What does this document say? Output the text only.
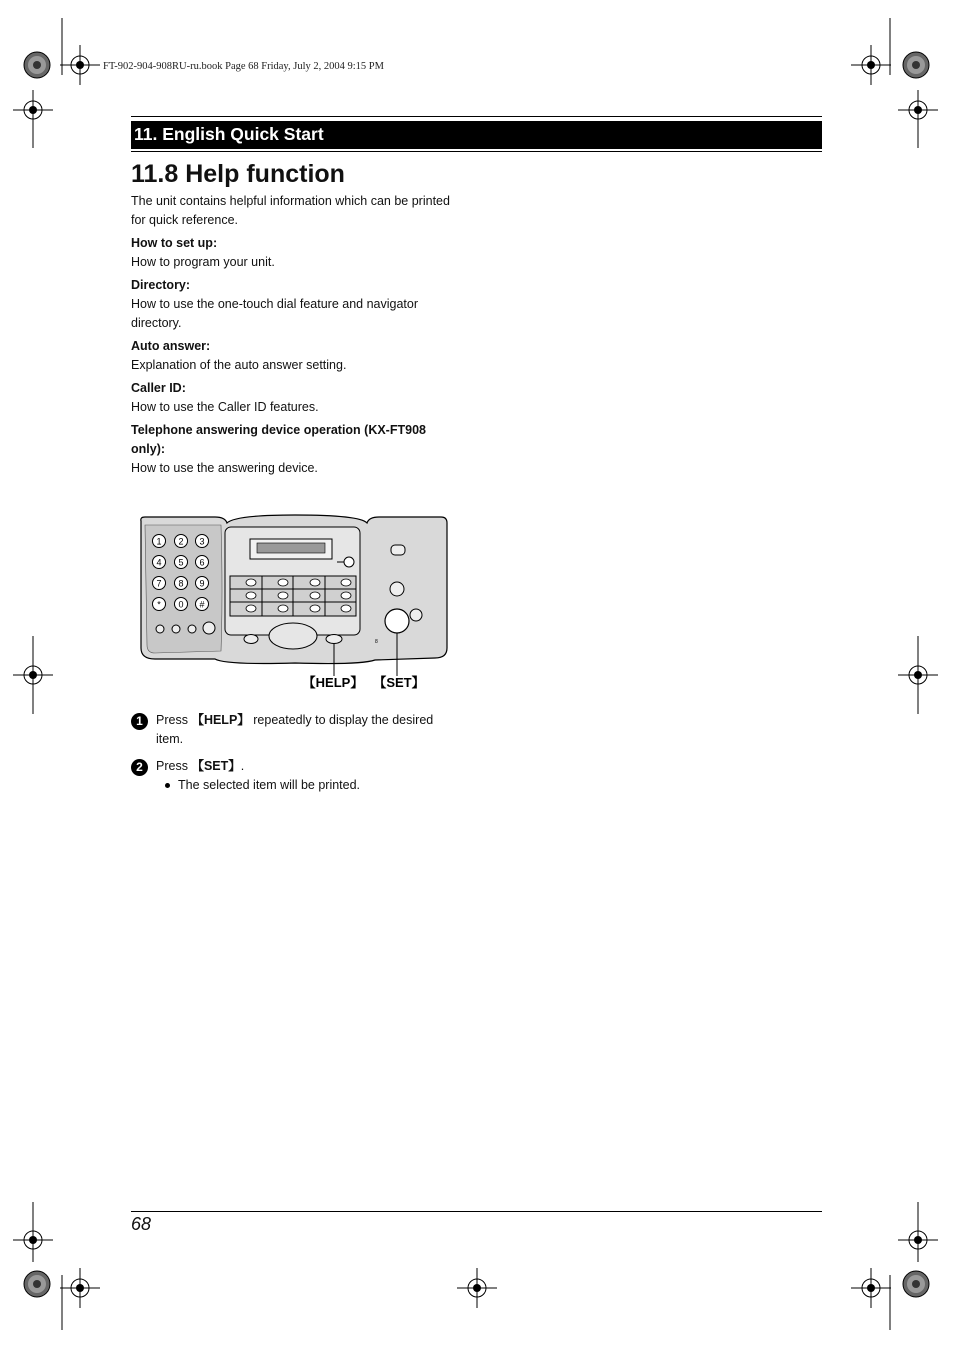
FT-902-904-908RU-ru.book Page 68 Friday, July 2, 2004 9:15 PM
11. English Quick Start
11.8 Help function
The unit contains helpful information which can be printed for quick reference.
How to set up:
How to program your unit.
Directory:
How to use the one-touch dial feature and navigator directory.
Auto answer:
Explanation of the auto answer setting.
Caller ID:
How to use the Caller ID features.
Telephone answering device operation (KX-FT908 only):
How to use the answering device.
1 2 3
4 5 6
7 8 9
* 0 #
8
【HELP】 【SET】
1	Press 【HELP】 repeatedly to display the desired item.
2	Press 【SET】.
The selected item will be printed.
68
